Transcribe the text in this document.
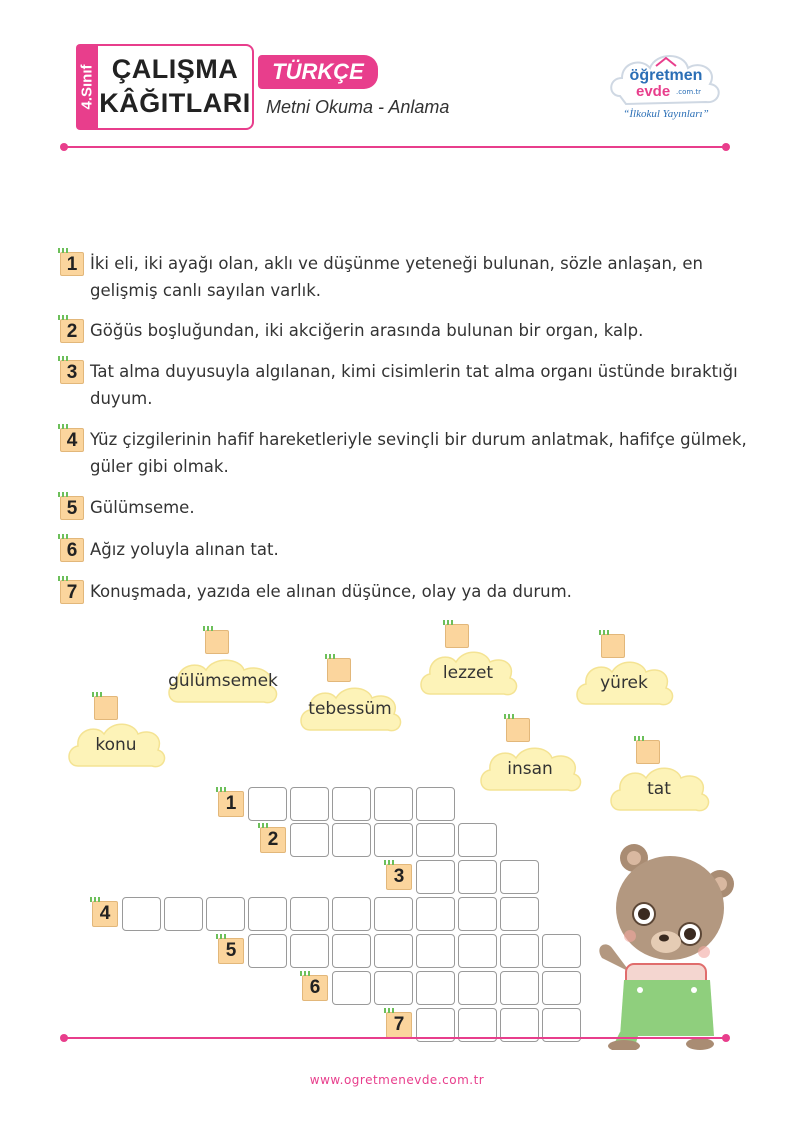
4.Sınıf ÇALIŞMA
KÂĞITLARI
TÜRKÇE
Metni Okuma - Anlama
öğretmen
evde .com.tr
“İlkokul Yayınları”
1 İki eli, iki ayağı olan, aklı ve düşünme yeteneği bulunan, sözle anlaşan, en gelişmiş canlı sayılan varlık.
2 Göğüs boşluğundan, iki akciğerin arasında bulunan bir organ, kalp.
3 Tat alma duyusuyla algılanan, kimi cisimlerin tat alma organı üstünde bıraktığı duyum.
4 Yüz çizgilerinin hafif hareketleriyle sevinçli bir durum anlatmak, hafifçe gülmek, güler gibi olmak.
5 Gülümseme.
6 Ağız yoluyla alınan tat.
7 Konuşmada, yazıda ele alınan düşünce, olay ya da durum.
gülümsemek
tebessüm
lezzet	yürek
konu
insan
tat
1
2
3
4
5
6
7
www.ogretmenevde.com.tr
